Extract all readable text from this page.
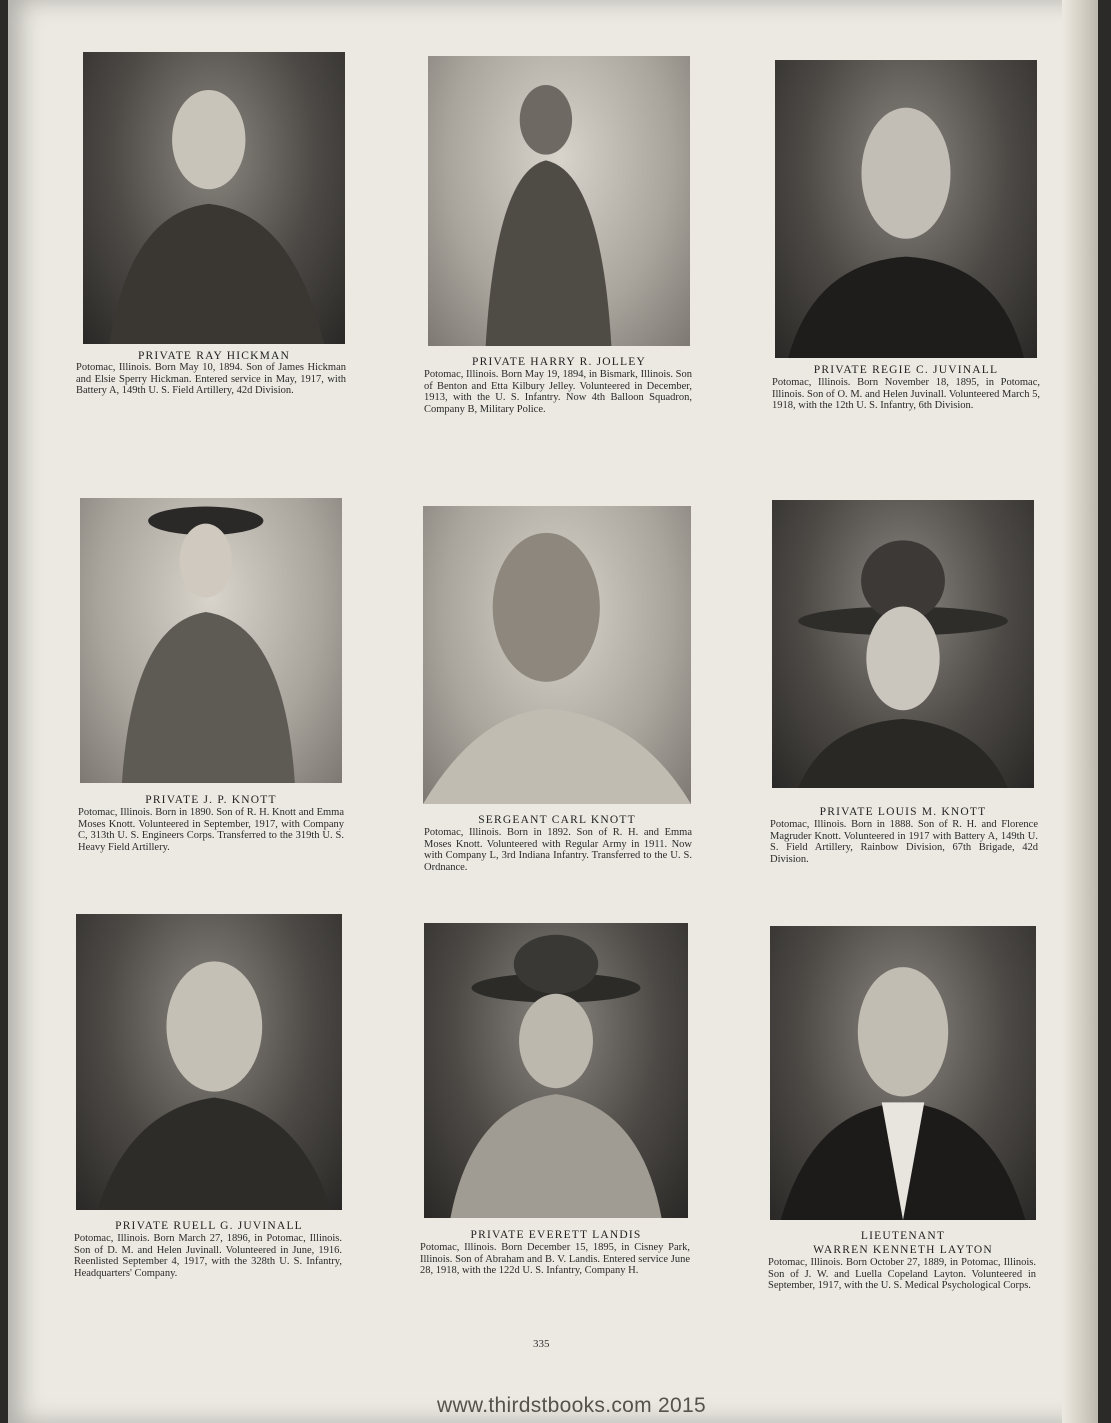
PRIVATE RAY HICKMAN

Potomac, Illinois. Born May 10, 1894. Son of James Hickman and Elsie Sperry Hickman. Entered service in May, 1917, with Battery A, 149th U. S. Field Artillery, 42d Division.

PRIVATE HARRY R. JOLLEY

Potomac, Illinois. Born May 19, 1894, in Bismark, Illinois. Son of Benton and Etta Kilbury Jelley. Volunteered in December, 1913, with the U. S. Infantry. Now 4th Balloon Squadron, Company B, Military Police.

PRIVATE REGIE C. JUVINALL

Potomac, Illinois. Born November 18, 1895, in Potomac, Illinois. Son of O. M. and Helen Juvinall. Volunteered March 5, 1918, with the 12th U. S. Infantry, 6th Division.

PRIVATE J. P. KNOTT

Potomac, Illinois. Born in 1890. Son of R. H. Knott and Emma Moses Knott. Volunteered in September, 1917, with Company C, 313th U. S. Engineers Corps. Transferred to the 319th U. S. Heavy Field Artillery.

SERGEANT CARL KNOTT

Potomac, Illinois. Born in 1892. Son of R. H. and Emma Moses Knott. Volunteered with Regular Army in 1911. Now with Company L, 3rd Indiana Infantry. Transferred to the U. S. Ordnance.

PRIVATE LOUIS M. KNOTT

Potomac, Illinois. Born in 1888. Son of R. H. and Florence Magruder Knott. Volunteered in 1917 with Battery A, 149th U. S. Field Artillery, Rainbow Division, 67th Brigade, 42d Division.

PRIVATE RUELL G. JUVINALL

Potomac, Illinois. Born March 27, 1896, in Potomac, Illinois. Son of D. M. and Helen Juvinall. Volunteered in June, 1916. Reenlisted September 4, 1917, with the 328th U. S. Infantry, Headquarters' Company.

PRIVATE EVERETT LANDIS

Potomac, Illinois. Born December 15, 1895, in Cisney Park, Illinois. Son of Abraham and B. V. Landis. Entered service June 28, 1918, with the 122d U. S. Infantry, Company H.

LIEUTENANT
WARREN KENNETH LAYTON

Potomac, Illinois. Born October 27, 1889, in Potomac, Illinois. Son of J. W. and Luella Copeland Layton. Volunteered in September, 1917, with the U. S. Medical Psychological Corps.

335
www.thirdstbooks.com 2015
